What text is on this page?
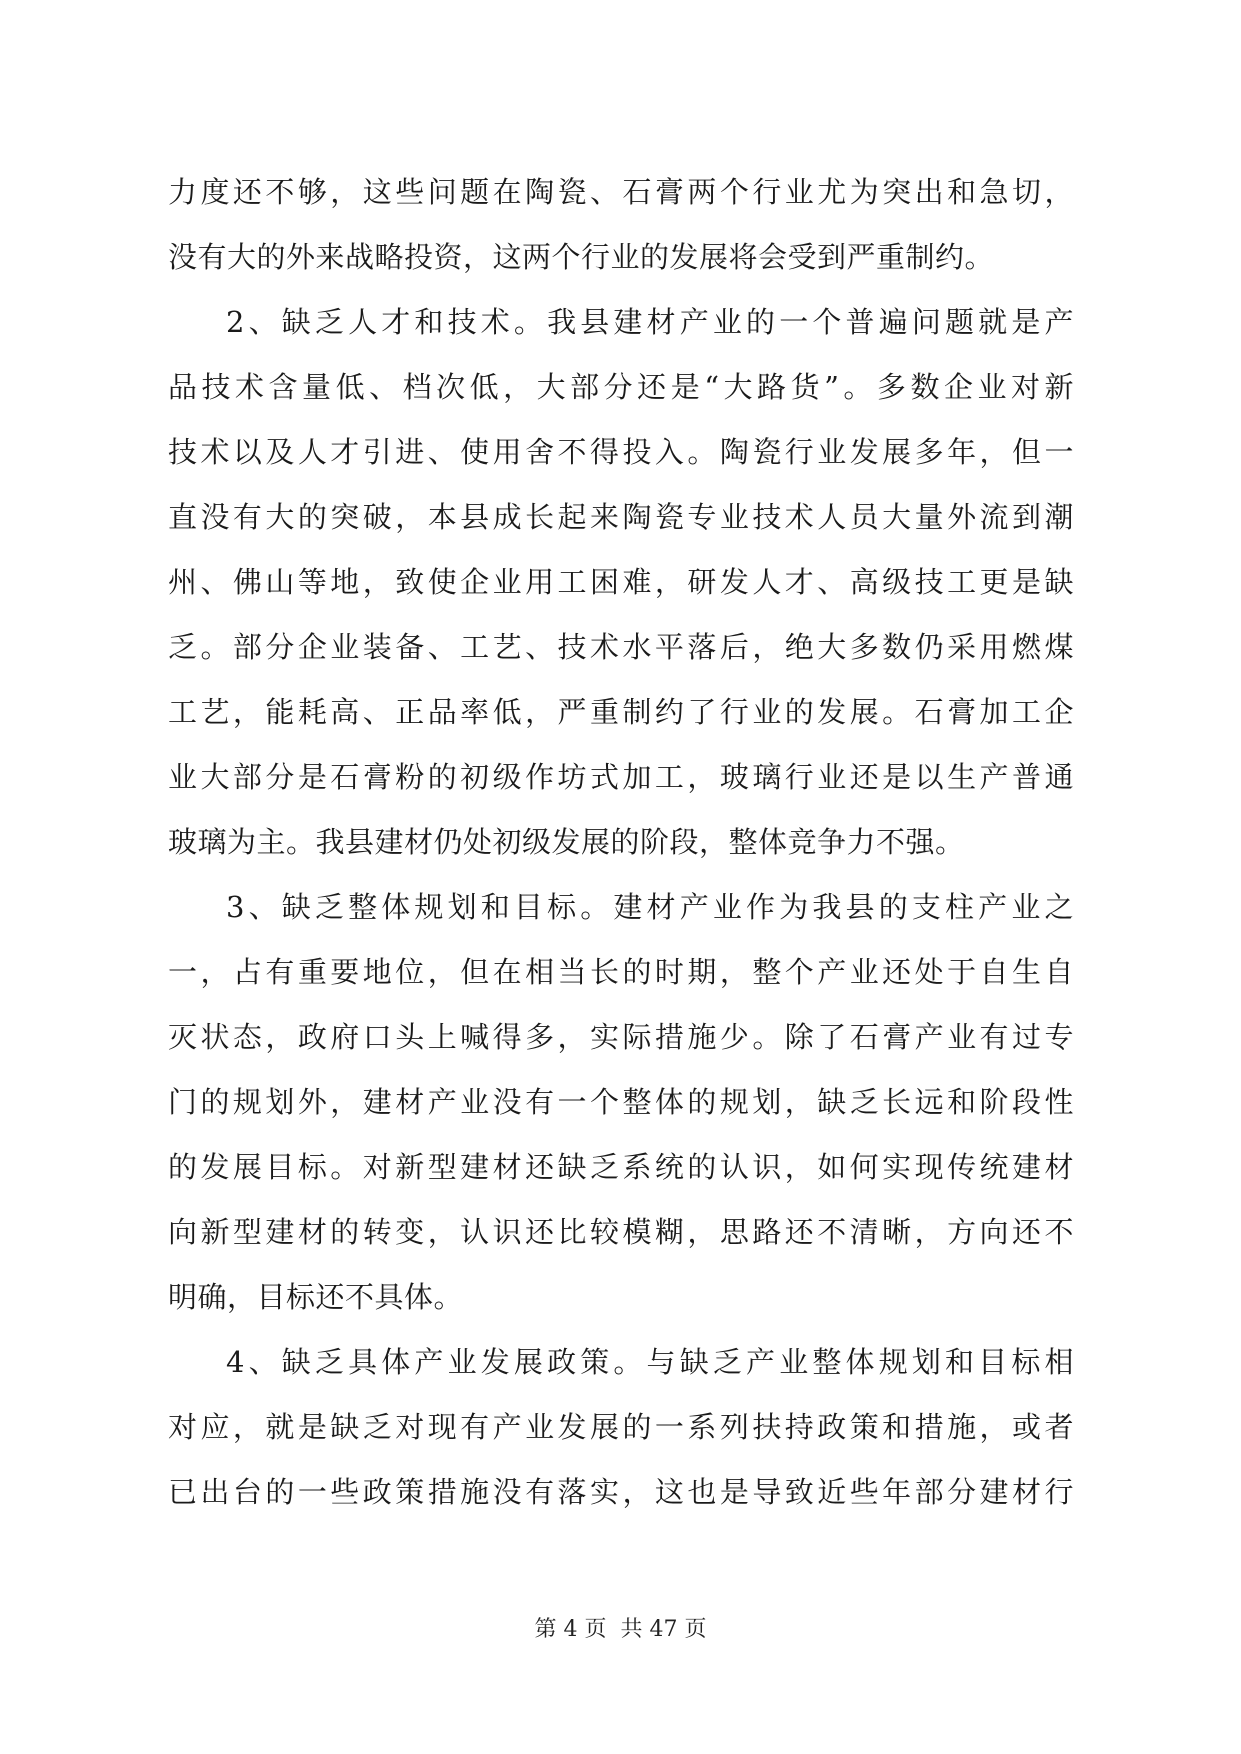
力度还不够，这些问题在陶瓷、石膏两个行业尤为突出和急切，
没有大的外来战略投资，这两个行业的发展将会受到严重制约。
2、缺乏人才和技术。我县建材产业的一个普遍问题就是产
品技术含量低、档次低，大部分还是“大路货”。多数企业对新
技术以及人才引进、使用舍不得投入。陶瓷行业发展多年，但一
直没有大的突破，本县成长起来陶瓷专业技术人员大量外流到潮
州、佛山等地，致使企业用工困难，研发人才、高级技工更是缺
乏。部分企业装备、工艺、技术水平落后，绝大多数仍采用燃煤
工艺，能耗高、正品率低，严重制约了行业的发展。石膏加工企
业大部分是石膏粉的初级作坊式加工，玻璃行业还是以生产普通
玻璃为主。我县建材仍处初级发展的阶段，整体竞争力不强。
3、缺乏整体规划和目标。建材产业作为我县的支柱产业之
一，占有重要地位，但在相当长的时期，整个产业还处于自生自
灭状态，政府口头上喊得多，实际措施少。除了石膏产业有过专
门的规划外，建材产业没有一个整体的规划，缺乏长远和阶段性
的发展目标。对新型建材还缺乏系统的认识，如何实现传统建材
向新型建材的转变，认识还比较模糊，思路还不清晰，方向还不
明确，目标还不具体。
4、缺乏具体产业发展政策。与缺乏产业整体规划和目标相
对应，就是缺乏对现有产业发展的一系列扶持政策和措施，或者
已出台的一些政策措施没有落实，这也是导致近些年部分建材行
第 4 页  共 47 页
